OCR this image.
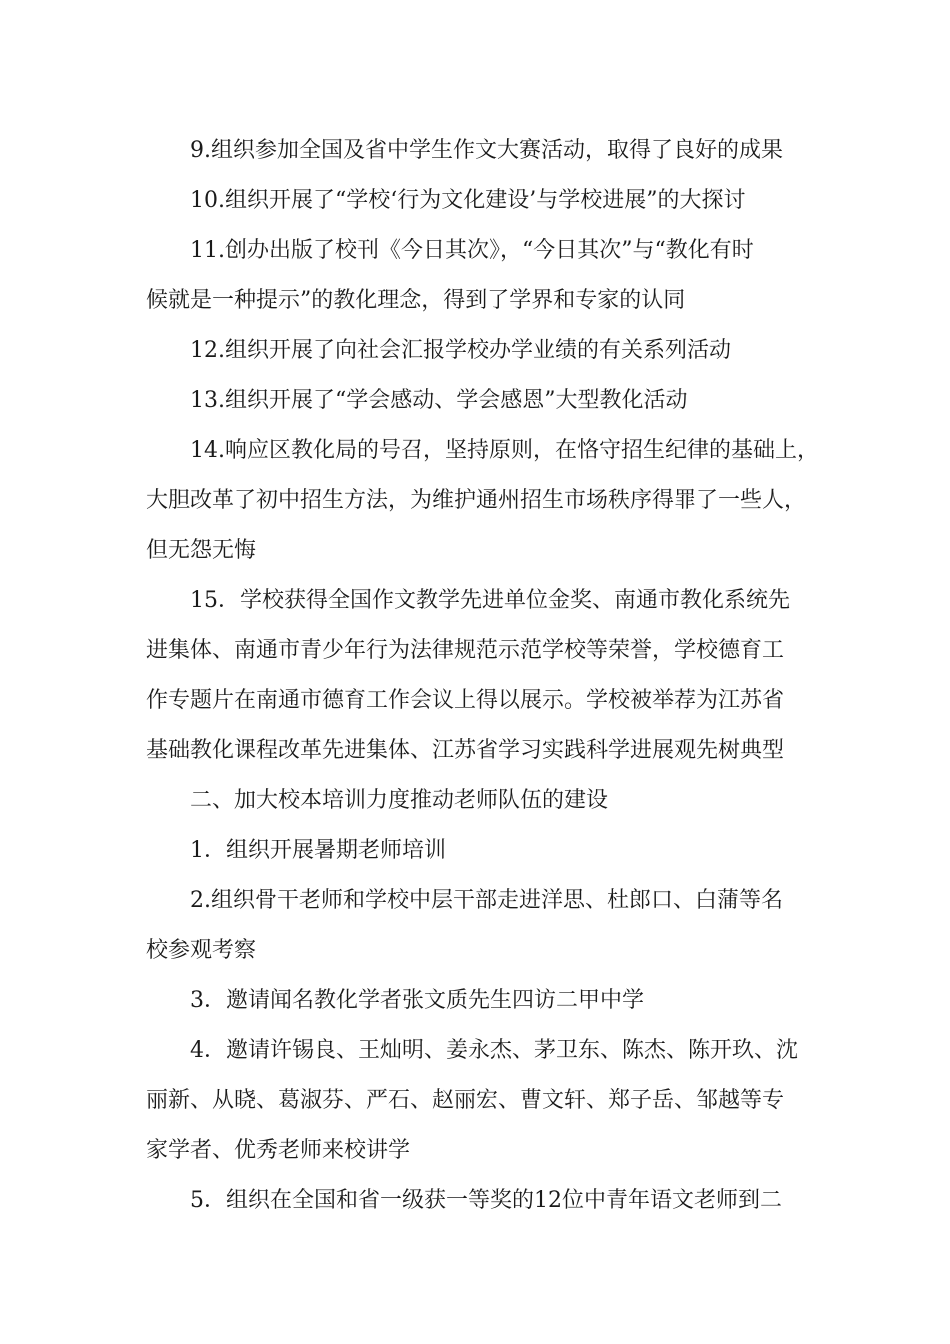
9.组织参加全国及省中学生作文大赛活动，取得了良好的成果
10.组织开展了“学校‘行为文化建设’与学校进展”的大探讨
11.创办出版了校刊《今日其次》，“今日其次”与“教化有时
候就是一种提示”的教化理念，得到了学界和专家的认同
12.组织开展了向社会汇报学校办学业绩的有关系列活动
13.组织开展了“学会感动、学会感恩”大型教化活动
14.响应区教化局的号召，坚持原则，在恪守招生纪律的基础上，
大胆改革了初中招生方法，为维护通州招生市场秩序得罪了一些人，
但无怨无悔
15．学校获得全国作文教学先进单位金奖、南通市教化系统先
进集体、南通市青少年行为法律规范示范学校等荣誉，学校德育工
作专题片在南通市德育工作会议上得以展示。学校被举荐为江苏省
基础教化课程改革先进集体、江苏省学习实践科学进展观先树典型
二、加大校本培训力度推动老师队伍的建设
1．组织开展暑期老师培训
2.组织骨干老师和学校中层干部走进洋思、杜郎口、白蒲等名
校参观考察
3．邀请闻名教化学者张文质先生四访二甲中学
4．邀请许锡良、王灿明、姜永杰、茅卫东、陈杰、陈开玖、沈
丽新、从晓、葛淑芬、严石、赵丽宏、曹文轩、郑子岳、邹越等专
家学者、优秀老师来校讲学
5．组织在全国和省一级获一等奖的12位中青年语文老师到二
